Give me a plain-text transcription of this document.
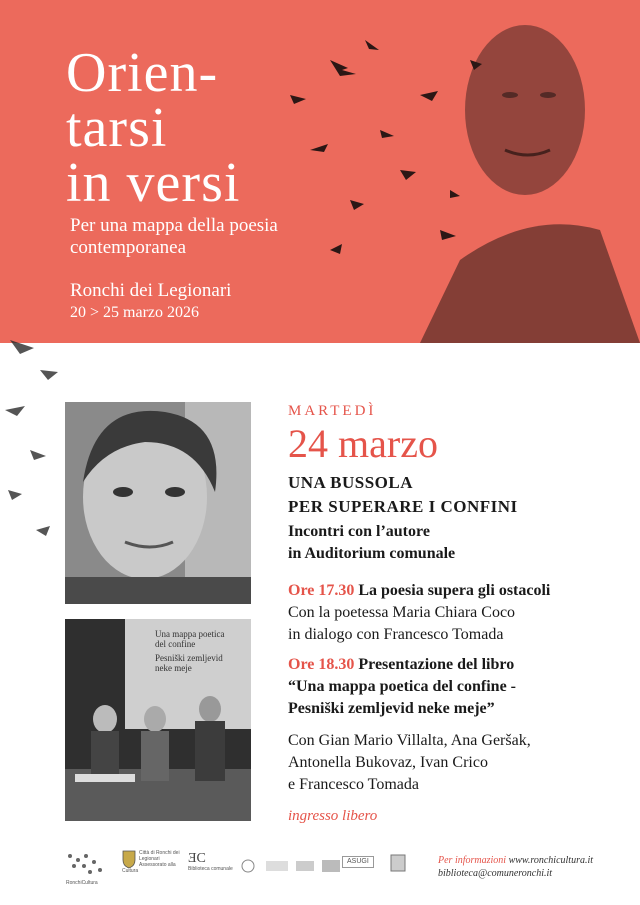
Orien-
tarsi
in versi
Per una mappa della poesia contemporanea
Ronchi dei Legionari
20 > 25 marzo 2026
Una mappa poetica
del confine
Pesniški zemljevid
neke meje
MARTEDÌ
24 marzo
UNA BUSSOLA
PER SUPERARE I CONFINI
Incontri con l’autore
in Auditorium comunale
Ore 17.30 La poesia supera gli ostacoli
Con la poetessa Maria Chiara Coco
in dialogo con Francesco Tomada
Ore 18.30 Presentazione del libro
“Una mappa poetica del confine -
Pesniški zemljevid neke meje”
Con Gian Mario Villalta, Ana Geršak,
Antonella Bukovaz, Ivan Crico
e Francesco Tomada
ingresso libero
RonchiCultura
Città di Ronchi dei Legionari Assessorato alla Cultura
ƎC
Biblioteca comunale
ASUGI	Per informazioni www.ronchicultura.it
biblioteca@comuneronchi.it
